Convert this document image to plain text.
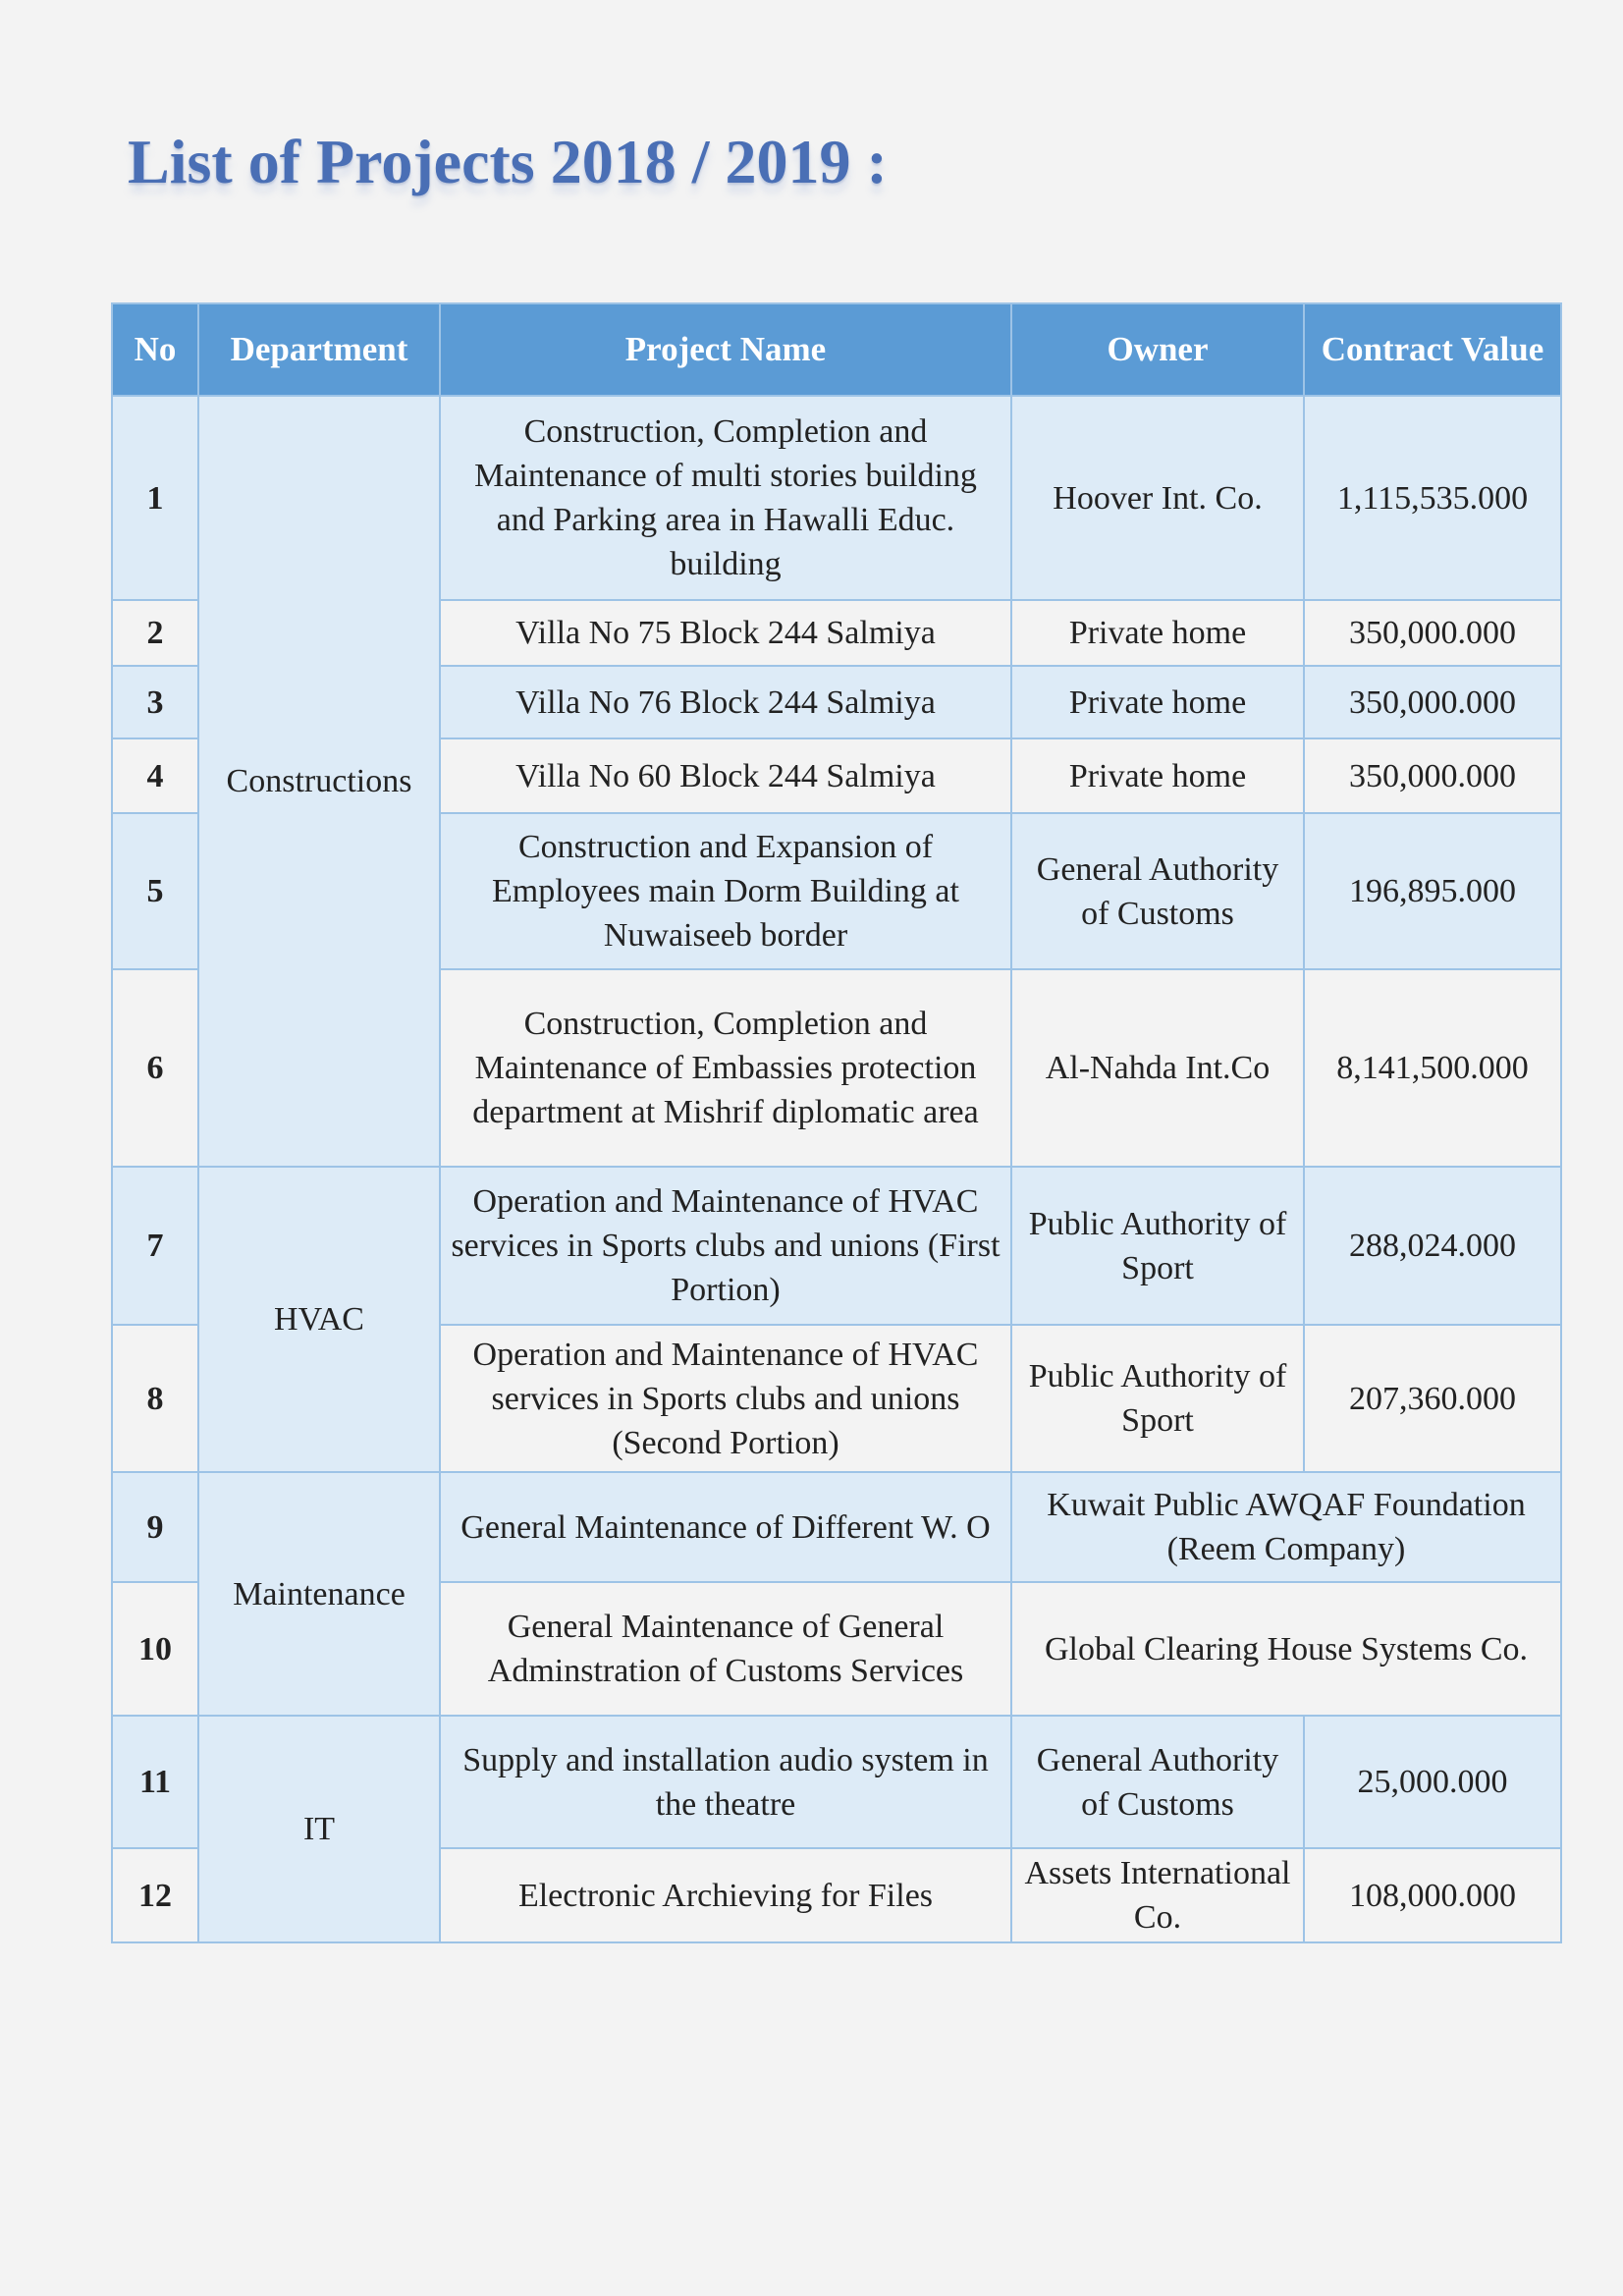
List of Projects 2018 / 2019 :
No	Department	Project Name	Owner	Contract Value
1	Constructions	Construction, Completion and Maintenance of multi stories building and Parking area in Hawalli Educ. building	Hoover Int. Co.	1,115,535.000
2		Villa No 75 Block 244 Salmiya	Private home	350,000.000
3		Villa No 76 Block 244 Salmiya	Private home	350,000.000
4		Villa No 60 Block 244 Salmiya	Private home	350,000.000
5		Construction and Expansion of Employees main Dorm Building at Nuwaiseeb border	General Authority of Customs	196,895.000
6		Construction, Completion and Maintenance of Embassies protection department at Mishrif diplomatic area	Al-Nahda Int.Co	8,141,500.000
7	HVAC	Operation and Maintenance of HVAC services in Sports clubs and unions (First Portion)	Public Authority of Sport	288,024.000
8		Operation and Maintenance of HVAC services in Sports clubs and unions (Second Portion)	Public Authority of Sport	207,360.000
9	Maintenance	General Maintenance of Different W. O	Kuwait Public AWQAF Foundation (Reem Company)	
10		General Maintenance of General Adminstration of Customs Services	Global Clearing House Systems Co.	
11	IT	Supply and installation audio system in the theatre	General Authority of Customs	25,000.000
12		Electronic Archieving for Files	Assets International Co.	108,000.000
